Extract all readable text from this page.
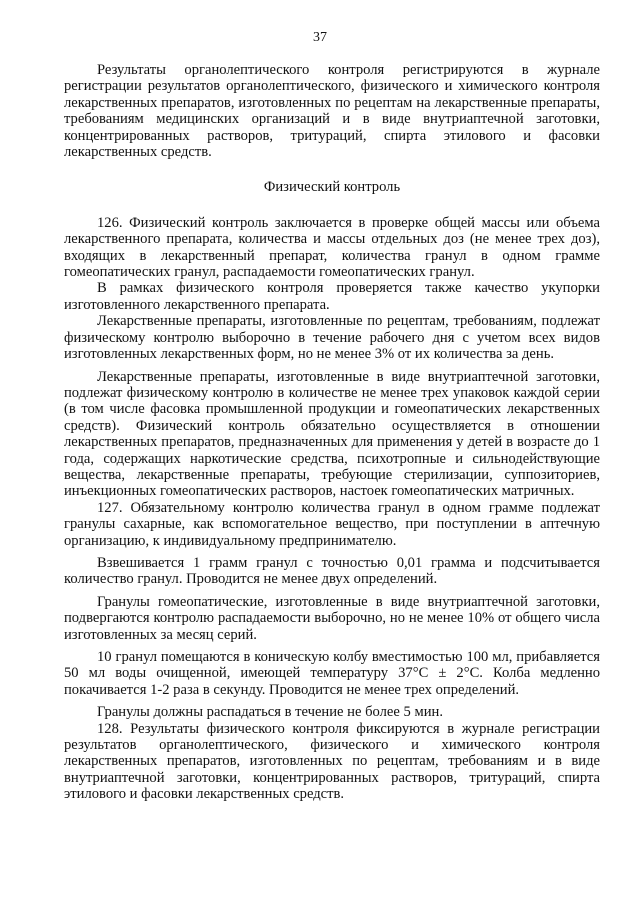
37

Результаты органолептического контроля регистрируются в журнале регистрации результатов органолептического, физического и химического контроля лекарственных препаратов, изготовленных по рецептам на лекарственные препараты, требованиям медицинских организаций и в виде внутриаптечной заготовки, концентрированных растворов, тритураций, спирта этилового и фасовки лекарственных средств.

Физический контроль

126. Физический контроль заключается в проверке общей массы или объема лекарственного препарата, количества и массы отдельных доз (не менее трех доз), входящих в лекарственный препарат, количества гранул в одном грамме гомеопатических гранул, распадаемости гомеопатических гранул.

В рамках физического контроля проверяется также качество укупорки изготовленного лекарственного препарата.

Лекарственные препараты, изготовленные по рецептам, требованиям, подлежат физическому контролю выборочно в течение рабочего дня с учетом всех видов изготовленных лекарственных форм, но не менее 3% от их количества за день.

Лекарственные препараты, изготовленные в виде внутриаптечной заготовки, подлежат физическому контролю в количестве не менее трех упаковок каждой серии (в том числе фасовка промышленной продукции и гомеопатических лекарственных средств). Физический контроль обязательно осуществляется в отношении лекарственных препаратов, предназначенных для применения у детей в возрасте до 1 года, содержащих наркотические средства, психотропные и сильнодействующие вещества, лекарственные препараты, требующие стерилизации, суппозиториев, инъекционных гомеопатических растворов, настоек гомеопатических матричных.

127. Обязательному контролю количества гранул в одном грамме подлежат гранулы сахарные, как вспомогательное вещество, при поступлении в аптечную организацию, к индивидуальному предпринимателю.

Взвешивается 1 грамм гранул с точностью 0,01 грамма и подсчитывается количество гранул. Проводится не менее двух определений.

Гранулы гомеопатические, изготовленные в виде внутриаптечной заготовки, подвергаются контролю распадаемости выборочно, но не менее 10% от общего числа изготовленных за месяц серий.

10 гранул помещаются в коническую колбу вместимостью 100 мл, прибавляется 50 мл воды очищенной, имеющей температуру 37°С ± 2°С. Колба медленно покачивается 1-2 раза в секунду. Проводится не менее трех определений.

Гранулы должны распадаться в течение не более 5 мин.

128. Результаты физического контроля фиксируются в журнале регистрации результатов органолептического, физического и химического контроля лекарственных препаратов, изготовленных по рецептам, требованиям и в виде внутриаптечной заготовки, концентрированных растворов, тритураций, спирта этилового и фасовки лекарственных средств.
